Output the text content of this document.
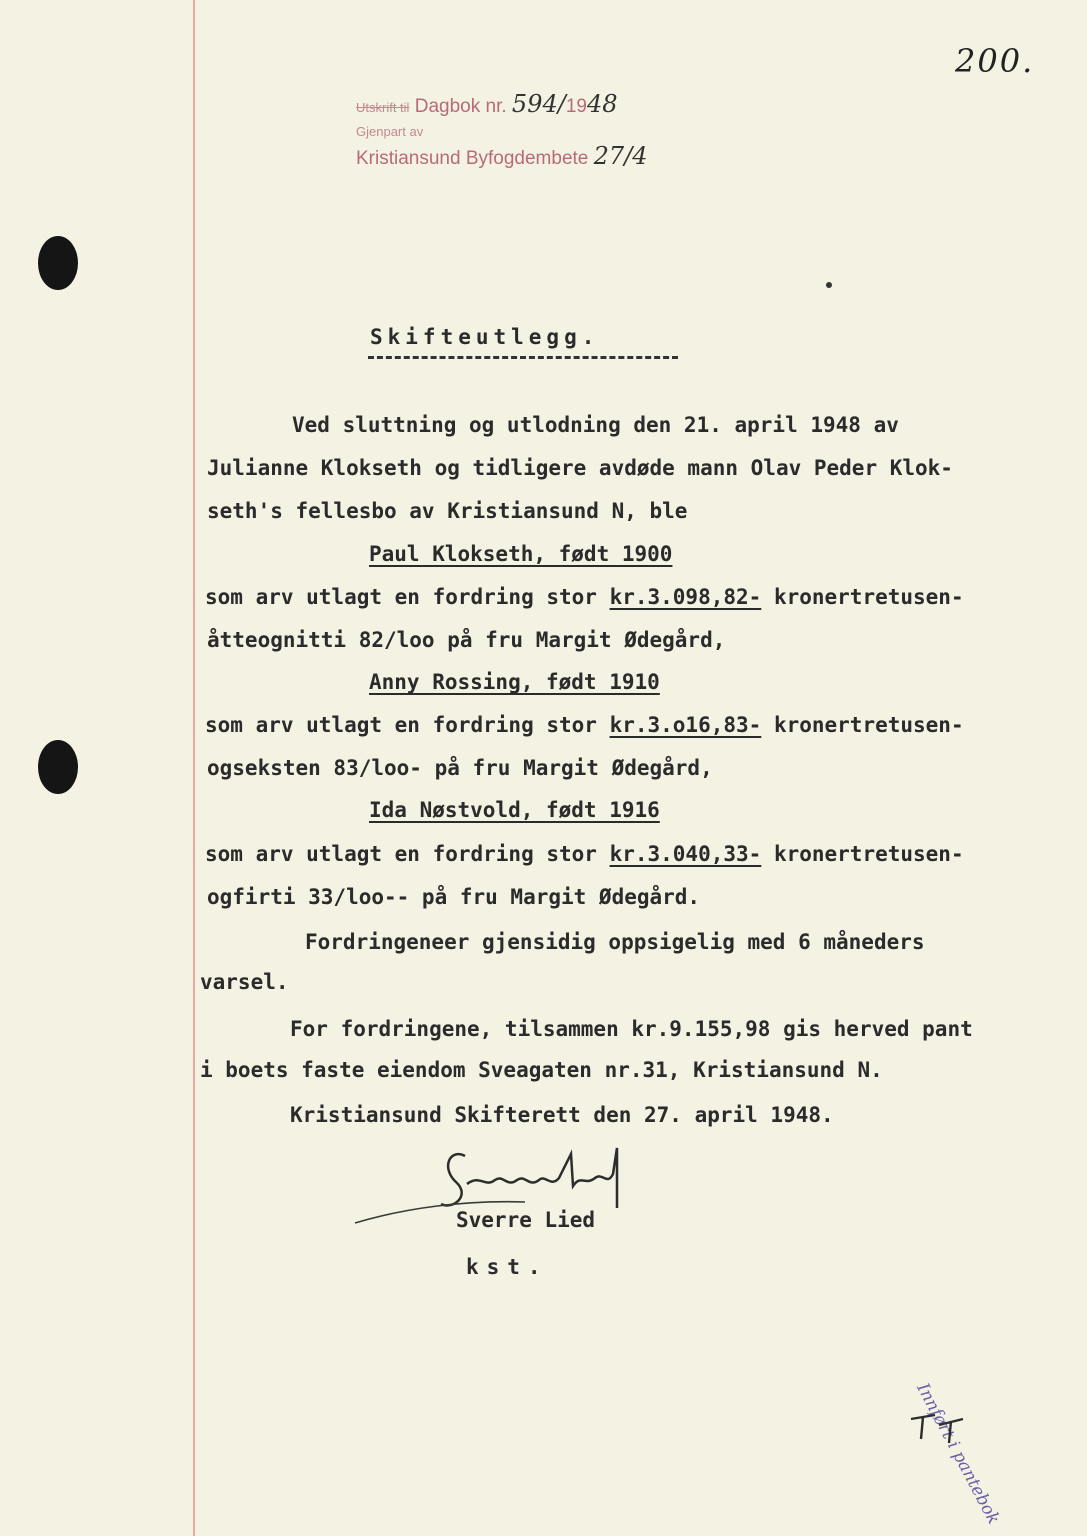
200.
Utskrift til Dagbok nr. 594/1948
Gjenpart av
Kristiansund Byfogdembete 27/4
Skifteutlegg.
Ved sluttning og utlodning den 21. april 1948 av
Julianne Klokseth og tidligere avdøde mann Olav Peder Klok-
seth's fellesbo av Kristiansund N, ble
Paul Klokseth, født 1900
som arv utlagt en fordring stor kr.3.098,82- kronertretusen-
åtteognitti 82/loo på fru Margit Ødegård,
Anny Rossing, født 1910
som arv utlagt en fordring stor kr.3.o16,83- kronertretusen-
ogseksten 83/loo- på fru Margit Ødegård,
Ida Nøstvold, født 1916
som arv utlagt en fordring stor kr.3.040,33- kronertretusen-
ogfirti 33/loo-- på fru Margit Ødegård.
Fordringeneer gjensidig oppsigelig med 6 måneders
varsel.
For fordringene, tilsammen kr.9.155,98 gis herved pant
i boets faste eiendom Sveagaten nr.31, Kristiansund N.
Kristiansund Skifterett den 27. april 1948.
Sverre Lied
kst.
Innført i pantebok
